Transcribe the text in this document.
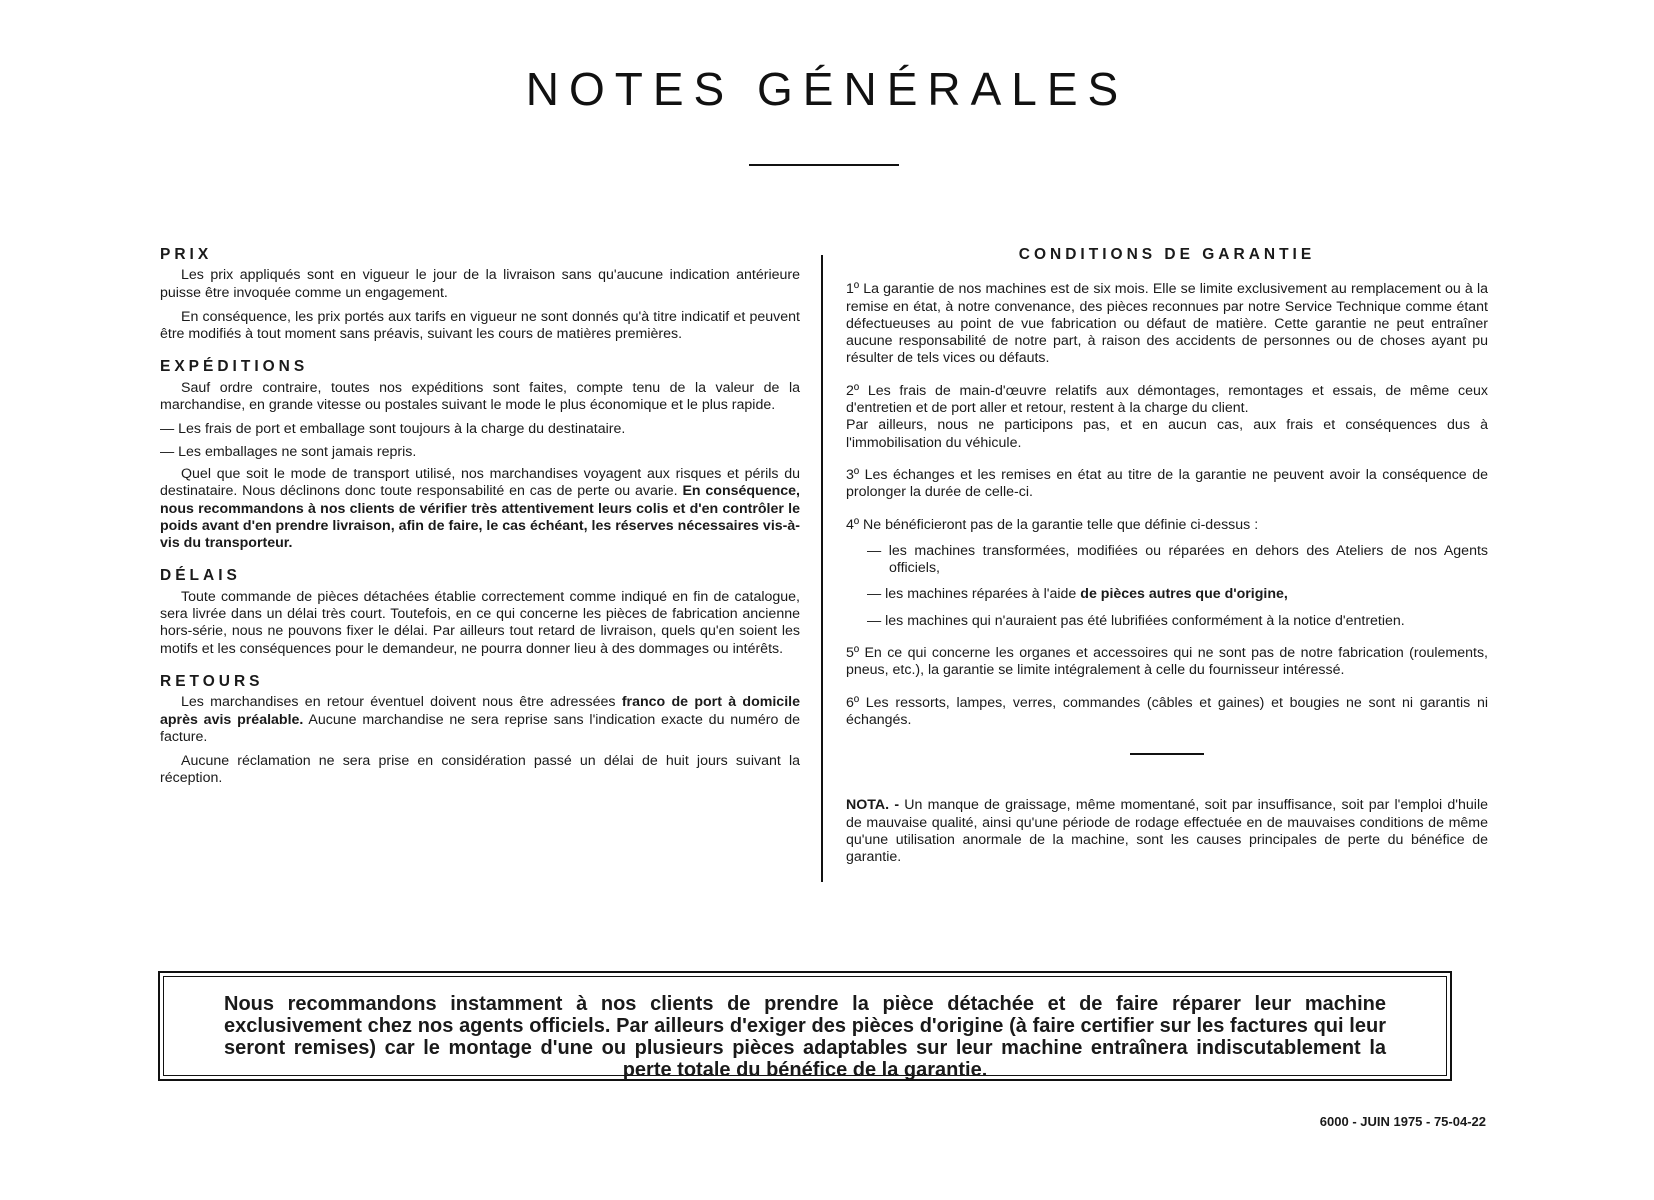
NOTES GÉNÉRALES
PRIX

Les prix appliqués sont en vigueur le jour de la livraison sans qu'aucune indication antérieure puisse être invoquée comme un engagement.

En conséquence, les prix portés aux tarifs en vigueur ne sont donnés qu'à titre indicatif et peuvent être modifiés à tout moment sans préavis, suivant les cours de matières premières.

EXPÉDITIONS

Sauf ordre contraire, toutes nos expéditions sont faites, compte tenu de la valeur de la marchandise, en grande vitesse ou postales suivant le mode le plus économique et le plus rapide.

— Les frais de port et emballage sont toujours à la charge du destinataire.

— Les emballages ne sont jamais repris.

Quel que soit le mode de transport utilisé, nos marchandises voyagent aux risques et périls du destinataire. Nous déclinons donc toute responsabilité en cas de perte ou avarie. En conséquence, nous recommandons à nos clients de vérifier très attentivement leurs colis et d'en contrôler le poids avant d'en prendre livraison, afin de faire, le cas échéant, les réserves nécessaires vis-à-vis du transporteur.

DÉLAIS

Toute commande de pièces détachées établie correctement comme indiqué en fin de catalogue, sera livrée dans un délai très court. Toutefois, en ce qui concerne les pièces de fabrication ancienne hors-série, nous ne pouvons fixer le délai. Par ailleurs tout retard de livraison, quels qu'en soient les motifs et les conséquences pour le demandeur, ne pourra donner lieu à des dommages ou intérêts.

RETOURS

Les marchandises en retour éventuel doivent nous être adressées franco de port à domicile après avis préalable. Aucune marchandise ne sera reprise sans l'indication exacte du numéro de facture.

Aucune réclamation ne sera prise en considération passé un délai de huit jours suivant la réception.

CONDITIONS DE GARANTIE

1º La garantie de nos machines est de six mois. Elle se limite exclusivement au remplacement ou à la remise en état, à notre convenance, des pièces reconnues par notre Service Technique comme étant défectueuses au point de vue fabrication ou défaut de matière. Cette garantie ne peut entraîner aucune responsabilité de notre part, à raison des accidents de personnes ou de choses ayant pu résulter de tels vices ou défauts.

2º Les frais de main-d'œuvre relatifs aux démontages, remontages et essais, de même ceux d'entretien et de port aller et retour, restent à la charge du client.
Par ailleurs, nous ne participons pas, et en aucun cas, aux frais et conséquences dus à l'immobilisation du véhicule.

3º Les échanges et les remises en état au titre de la garantie ne peuvent avoir la conséquence de prolonger la durée de celle-ci.

4º Ne bénéficieront pas de la garantie telle que définie ci-dessus :

— les machines transformées, modifiées ou réparées en dehors des Ateliers de nos Agents officiels,

— les machines réparées à l'aide de pièces autres que d'origine,

— les machines qui n'auraient pas été lubrifiées conformément à la notice d'entretien.

5º En ce qui concerne les organes et accessoires qui ne sont pas de notre fabrication (roulements, pneus, etc.), la garantie se limite intégralement à celle du fournisseur intéressé.

6º Les ressorts, lampes, verres, commandes (câbles et gaines) et bougies ne sont ni garantis ni échangés.

NOTA. - Un manque de graissage, même momentané, soit par insuffisance, soit par l'emploi d'huile de mauvaise qualité, ainsi qu'une période de rodage effectuée en de mauvaises conditions de même qu'une utilisation anormale de la machine, sont les causes principales de perte du bénéfice de garantie.

Nous recommandons instamment à nos clients de prendre la pièce détachée et de faire réparer leur machine exclusivement chez nos agents officiels. Par ailleurs d'exiger des pièces d'origine (à faire certifier sur les factures qui leur seront remises) car le montage d'une ou plusieurs pièces adaptables sur leur machine entraînera indiscutablement la perte totale du bénéfice de la garantie.
6000 - JUIN 1975 - 75-04-22
